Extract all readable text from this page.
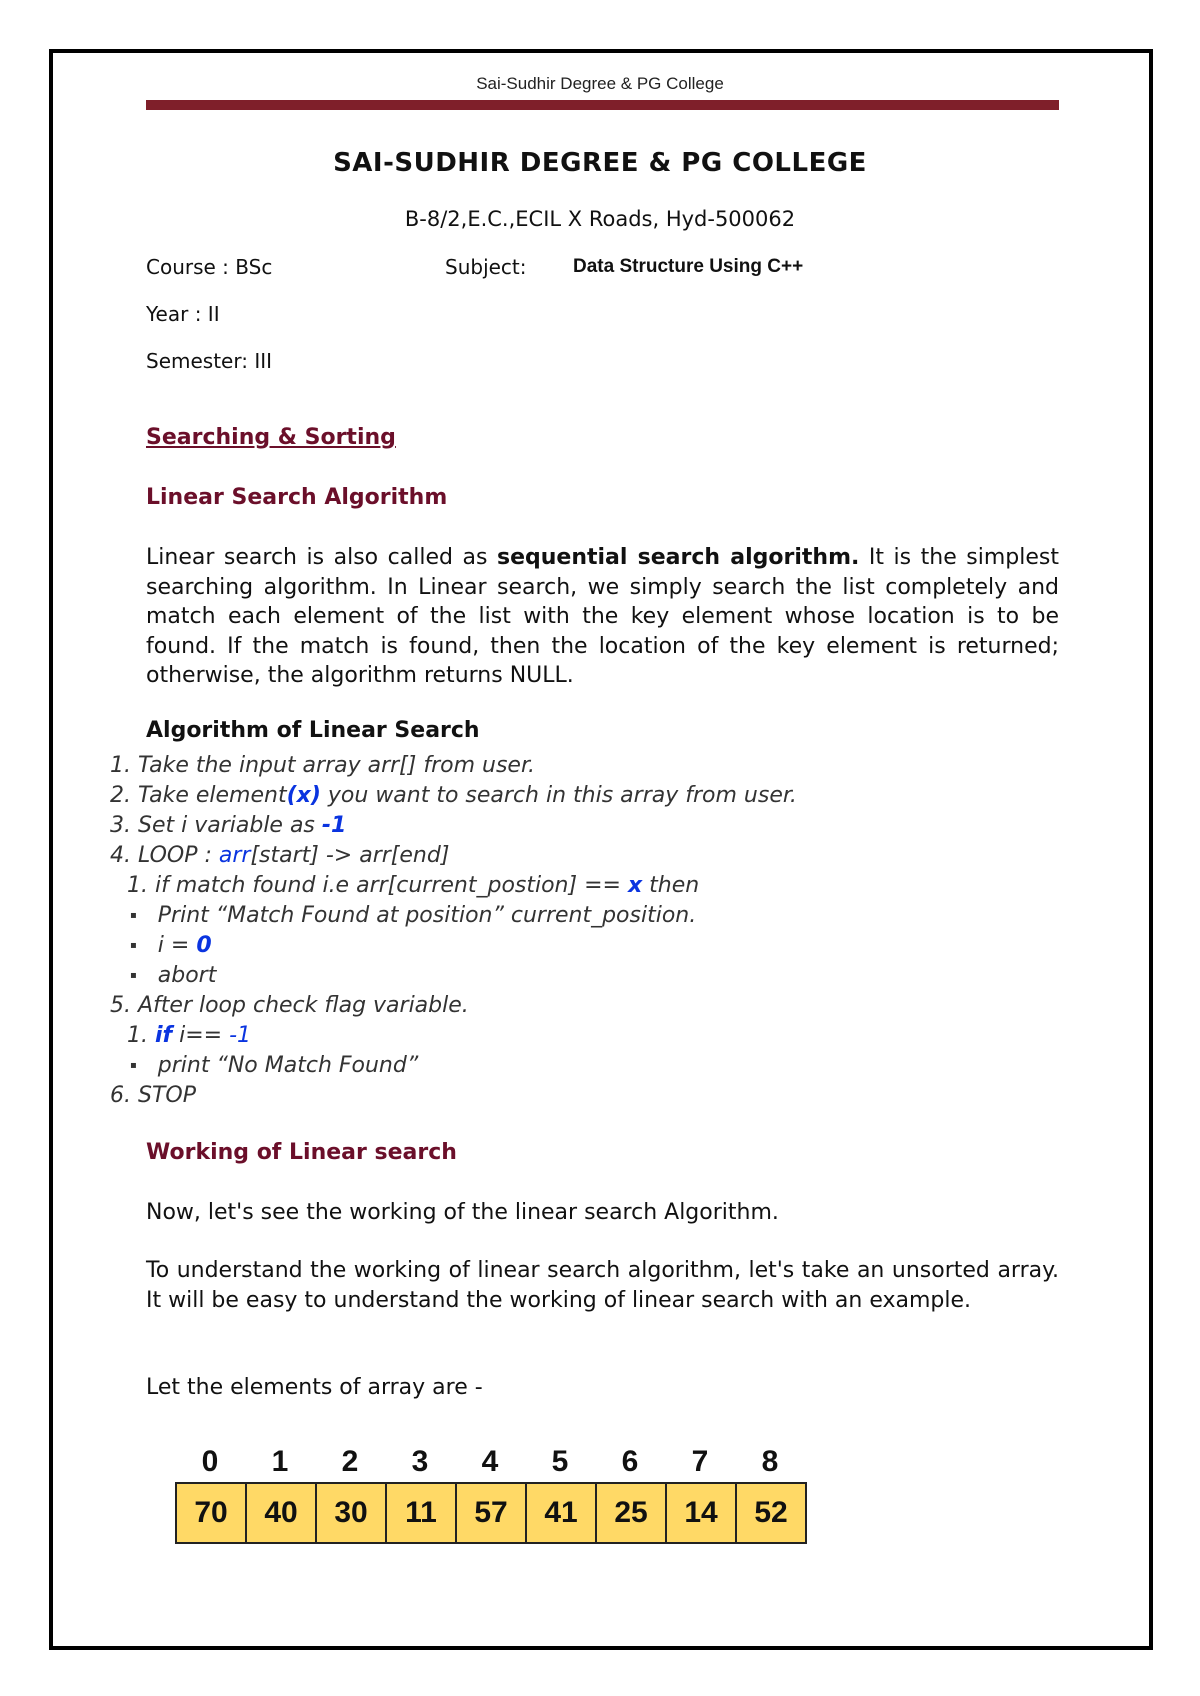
Sai-Sudhir Degree & PG College
SAI-SUDHIR DEGREE & PG COLLEGE
B-8/2,E.C.,ECIL X Roads, Hyd-500062
Course : BSc	Subject: Data Structure Using C++
Year : II
Semester: III
Searching & Sorting
Linear Search Algorithm

Linear search is also called as sequential search algorithm. It is the simplest searching algorithm. In Linear search, we simply search the list completely and match each element of the list with the key element whose location is to be found. If the match is found, then the location of the key element is returned; otherwise, the algorithm returns NULL.

Algorithm of Linear Search
1. Take the input array arr[] from user.
2. Take element(x) you want to search in this array from user.
3. Set i variable as -1
4. LOOP : arr[start] -> arr[end]
1. if match found i.e arr[current_postion] == x then
▪ Print “Match Found at position” current_position.
▪ i = 0
▪ abort
5. After loop check flag variable.
1. if i== -1
▪ print “No Match Found”
6. STOP
Working of Linear search

Now, let's see the working of the linear search Algorithm.

To understand the working of linear search algorithm, let's take an unsorted array. It will be easy to understand the working of linear search with an example.

Let the elements of array are -

0	1	2	3	4	5	6	7	8
70	40	30	11	57	41	25	14	52
